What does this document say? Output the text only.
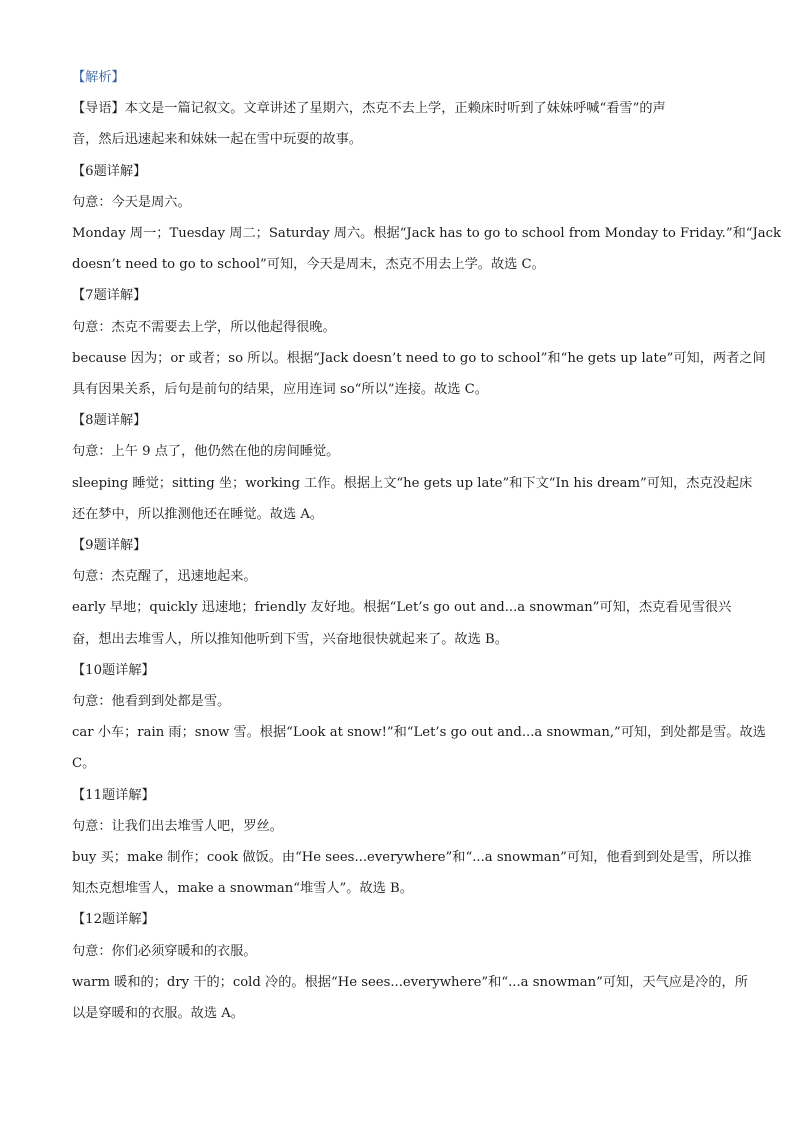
【解析】
【导语】本文是一篇记叙文。文章讲述了星期六，杰克不去上学，正赖床时听到了妹妹呼喊“看雪”的声
音，然后迅速起来和妹妹一起在雪中玩耍的故事。
【6题详解】
句意：今天是周六。
Monday 周一；Tuesday 周二；Saturday 周六。根据“Jack has to go to school from Monday to Friday.”和“Jack
doesn’t need to go to school”可知，今天是周末，杰克不用去上学。故选 C。
【7题详解】
句意：杰克不需要去上学，所以他起得很晚。
because 因为；or 或者；so 所以。根据“Jack doesn’t need to go to school”和“he gets up late”可知，两者之间
具有因果关系，后句是前句的结果，应用连词 so“所以”连接。故选 C。
【8题详解】
句意：上午 9 点了，他仍然在他的房间睡觉。
sleeping 睡觉；sitting 坐；working 工作。根据上文“he gets up late”和下文“In his dream”可知，杰克没起床
还在梦中，所以推测他还在睡觉。故选 A。
【9题详解】
句意：杰克醒了，迅速地起来。
early 早地；quickly 迅速地；friendly 友好地。根据“Let’s go out and...a snowman”可知，杰克看见雪很兴
奋，想出去堆雪人，所以推知他听到下雪，兴奋地很快就起来了。故选 B。
【10题详解】
句意：他看到到处都是雪。
car 小车；rain 雨；snow 雪。根据“Look at snow!”和“Let’s go out and...a snowman,”可知，到处都是雪。故选
C。
【11题详解】
句意：让我们出去堆雪人吧，罗丝。
buy 买；make 制作；cook 做饭。由“He sees...everywhere”和“...a snowman”可知，他看到到处是雪，所以推
知杰克想堆雪人，make a snowman“堆雪人”。故选 B。
【12题详解】
句意：你们必须穿暖和的衣服。
warm 暖和的；dry 干的；cold 冷的。根据“He sees...everywhere”和“...a snowman”可知，天气应是冷的，所
以是穿暖和的衣服。故选 A。
